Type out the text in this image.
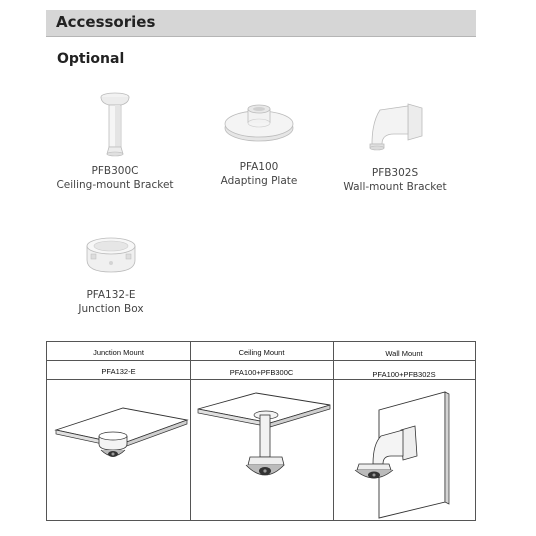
Accessories
Optional
PFB300C
Ceiling-mount Bracket
PFA100
Adapting Plate
PFB302S
Wall-mount Bracket
PFA132-E
Junction Box
Junction Mount	Ceiling Mount	Wall Mount
PFA132-E	PFA100+PFB300C	PFA100+PFB302S
